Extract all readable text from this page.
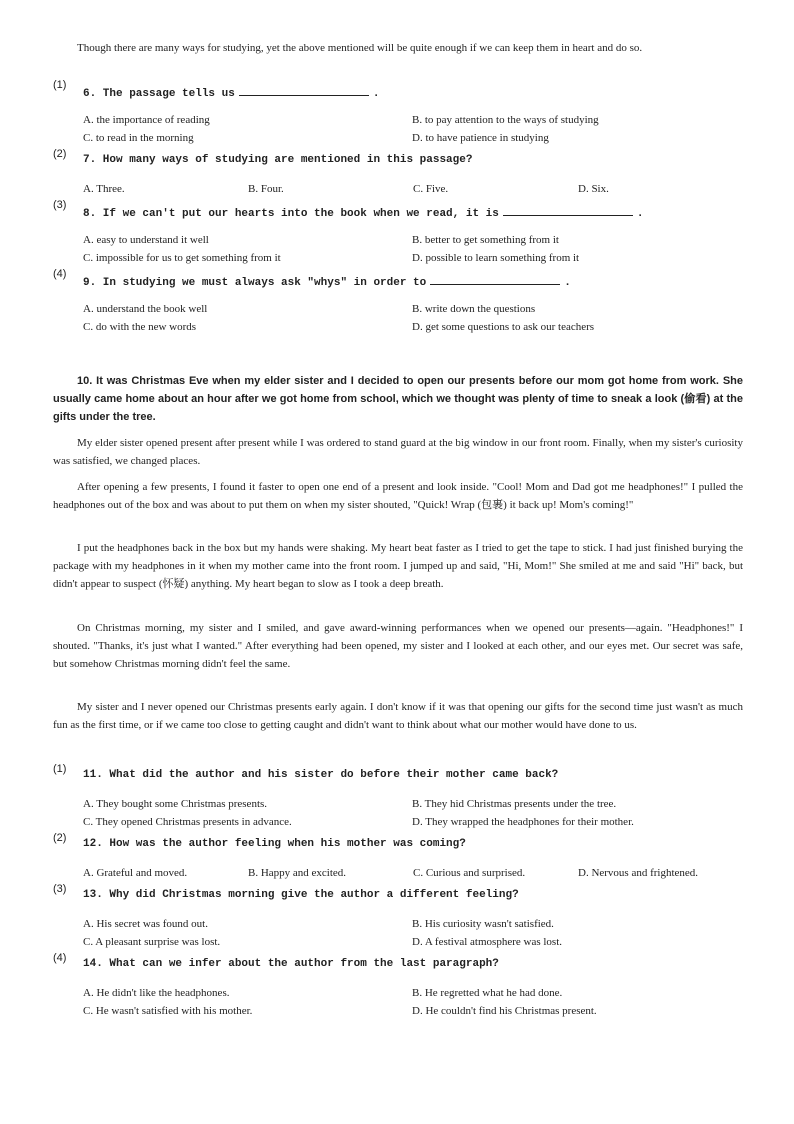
Though there are many ways for studying, yet the above mentioned will be quite enough if we can keep them in heart and do so.
(1)
6. The passage tells us	.
A. the importance of reading	B. to pay attention to the ways of studying
C. to read in the morning	D. to have patience in studying
(2) 7. How many ways of studying are mentioned in this passage?
A. Three.	B. Four.	C. Five.	D. Six.
(3)
8. If we can't put our hearts into the book when we read, it is	.
A. easy to understand it well	B. better to get something from it
C. impossible for us to get something from it	D. possible to learn something from it
(4)
9. In studying we must always ask "whys" in order to	.
A. understand the book well	B. write down the questions
C. do with the new words	D. get some questions to ask our teachers
10. It was Christmas Eve when my elder sister and I decided to open our presents before our mom got home from work. She usually came home about an hour after we got home from school, which we thought was plenty of time to sneak a look (偷看) at the gifts under the tree.
My elder sister opened present after present while I was ordered to stand guard at the big window in our front room. Finally, when my sister's curiosity was satisfied, we changed places.
After opening a few presents, I found it faster to open one end of a present and look inside. "Cool! Mom and Dad got me headphones!" I pulled the headphones out of the box and was about to put them on when my sister shouted, "Quick! Wrap (包裹) it back up! Mom's coming!"
I put the headphones back in the box but my hands were shaking. My heart beat faster as I tried to get the tape to stick. I had just finished burying the package with my headphones in it when my mother came into the front room. I jumped up and said, "Hi, Mom!" She smiled at me and said "Hi" back, but didn't appear to suspect (怀疑) anything. My heart began to slow as I took a deep breath.
On Christmas morning, my sister and I smiled, and gave award-winning performances when we opened our presents—again. "Headphones!" I shouted. "Thanks, it's just what I wanted." After everything had been opened, my sister and I looked at each other, and our eyes met. Our secret was safe, but somehow Christmas morning didn't feel the same.
My sister and I never opened our Christmas presents early again. I don't know if it was that opening our gifts for the second time just wasn't as much fun as the first time, or if we came too close to getting caught and didn't want to think about what our mother would have done to us.
(1) 11. What did the author and his sister do before their mother came back?
A. They bought some Christmas presents.	B. They hid Christmas presents under the tree.
C. They opened Christmas presents in advance.	D. They wrapped the headphones for their mother.
(2) 12. How was the author feeling when his mother was coming?
A. Grateful and moved.	B. Happy and excited.	C. Curious and surprised.	D. Nervous and frightened.
(3) 13. Why did Christmas morning give the author a different feeling?
A. His secret was found out.	B. His curiosity wasn't satisfied.
C. A pleasant surprise was lost.	D. A festival atmosphere was lost.
(4) 14. What can we infer about the author from the last paragraph?
A. He didn't like the headphones.	B. He regretted what he had done.
C. He wasn't satisfied with his mother.	D. He couldn't find his Christmas present.
